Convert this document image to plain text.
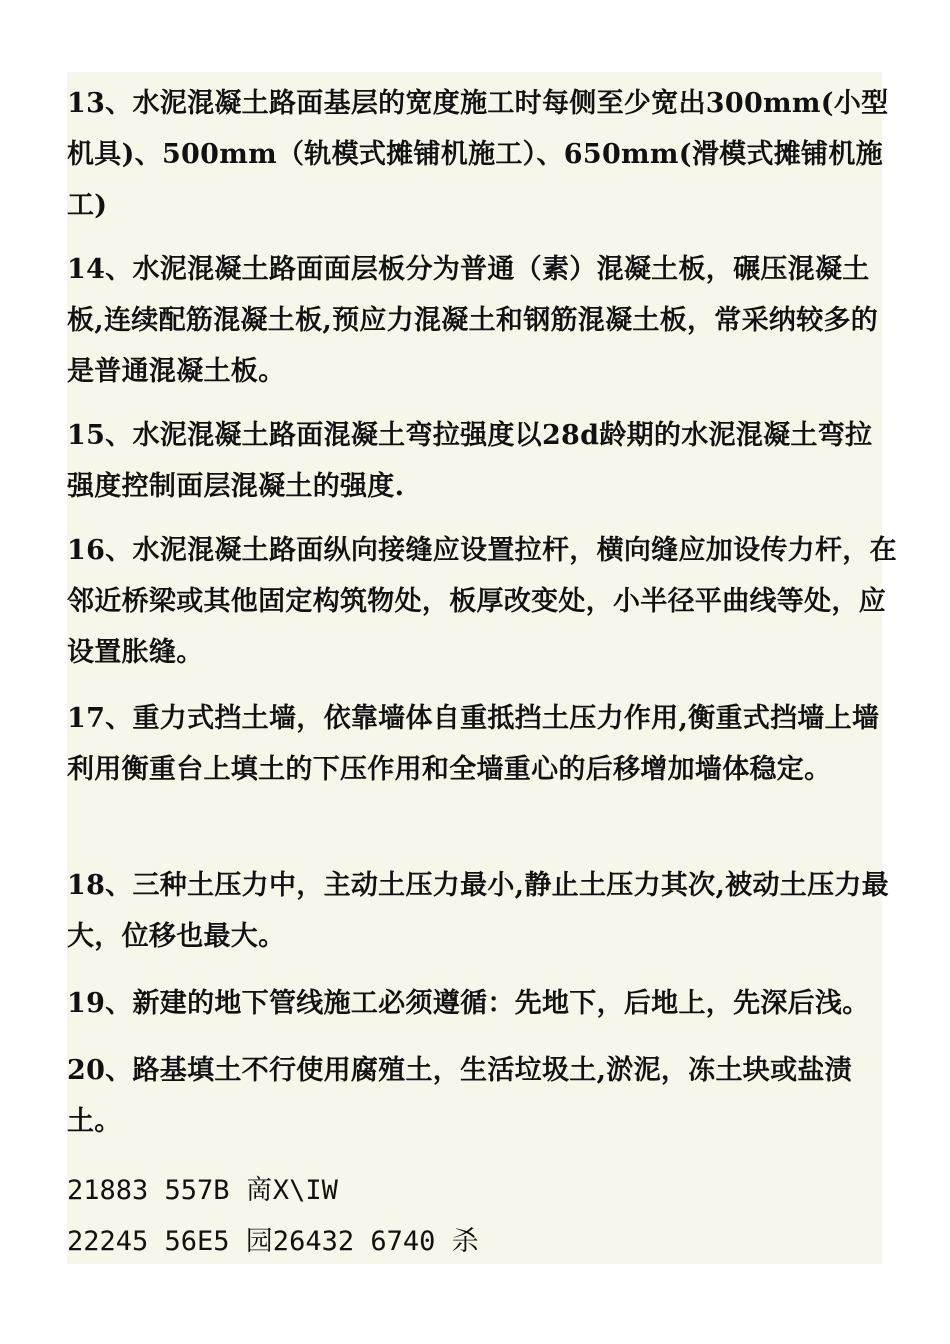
13、水泥混凝土路面基层的宽度施工时每侧至少宽出300mm(小型机具)、500mm（轨模式摊铺机施工）、650mm(滑模式摊铺机施工)

14、水泥混凝土路面面层板分为普通（素）混凝土板，碾压混凝土板,连续配筋混凝土板,预应力混凝土和钢筋混凝土板，常采纳较多的是普通混凝土板。

15、水泥混凝土路面混凝土弯拉强度以28d龄期的水泥混凝土弯拉强度控制面层混凝土的强度.

16、水泥混凝土路面纵向接缝应设置拉杆，横向缝应加设传力杆，在邻近桥梁或其他固定构筑物处，板厚改变处，小半径平曲线等处，应设置胀缝。

17、重力式挡土墙，依靠墙体自重抵挡土压力作用,衡重式挡墙上墙利用衡重台上填土的下压作用和全墙重心的后移增加墙体稳定。

18、三种土压力中，主动土压力最小,静止土压力其次,被动土压力最大，位移也最大。

19、新建的地下管线施工必须遵循：先地下，后地上，先深后浅。

20、路基填土不行使用腐殖土，生活垃圾土,淤泥，冻土块或盐渍土。

21883 557B 啇X\IW

22245 56E5 园26432 6740 杀
